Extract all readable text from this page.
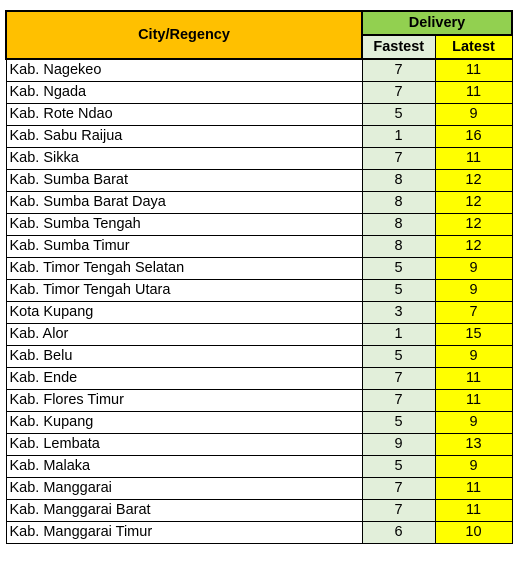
City/Regency	Delivery	
	Fastest	Latest
Kab. Nagekeo	7	11
Kab. Ngada	7	11
Kab. Rote Ndao	5	9
Kab. Sabu Raijua	1	16
Kab. Sikka	7	11
Kab. Sumba Barat	8	12
Kab. Sumba Barat Daya	8	12
Kab. Sumba Tengah	8	12
Kab. Sumba Timur	8	12
Kab. Timor Tengah Selatan	5	9
Kab. Timor Tengah Utara	5	9
Kota Kupang	3	7
Kab. Alor	1	15
Kab. Belu	5	9
Kab. Ende	7	11
Kab. Flores Timur	7	11
Kab. Kupang	5	9
Kab. Lembata	9	13
Kab. Malaka	5	9
Kab. Manggarai	7	11
Kab. Manggarai Barat	7	11
Kab. Manggarai Timur	6	10
